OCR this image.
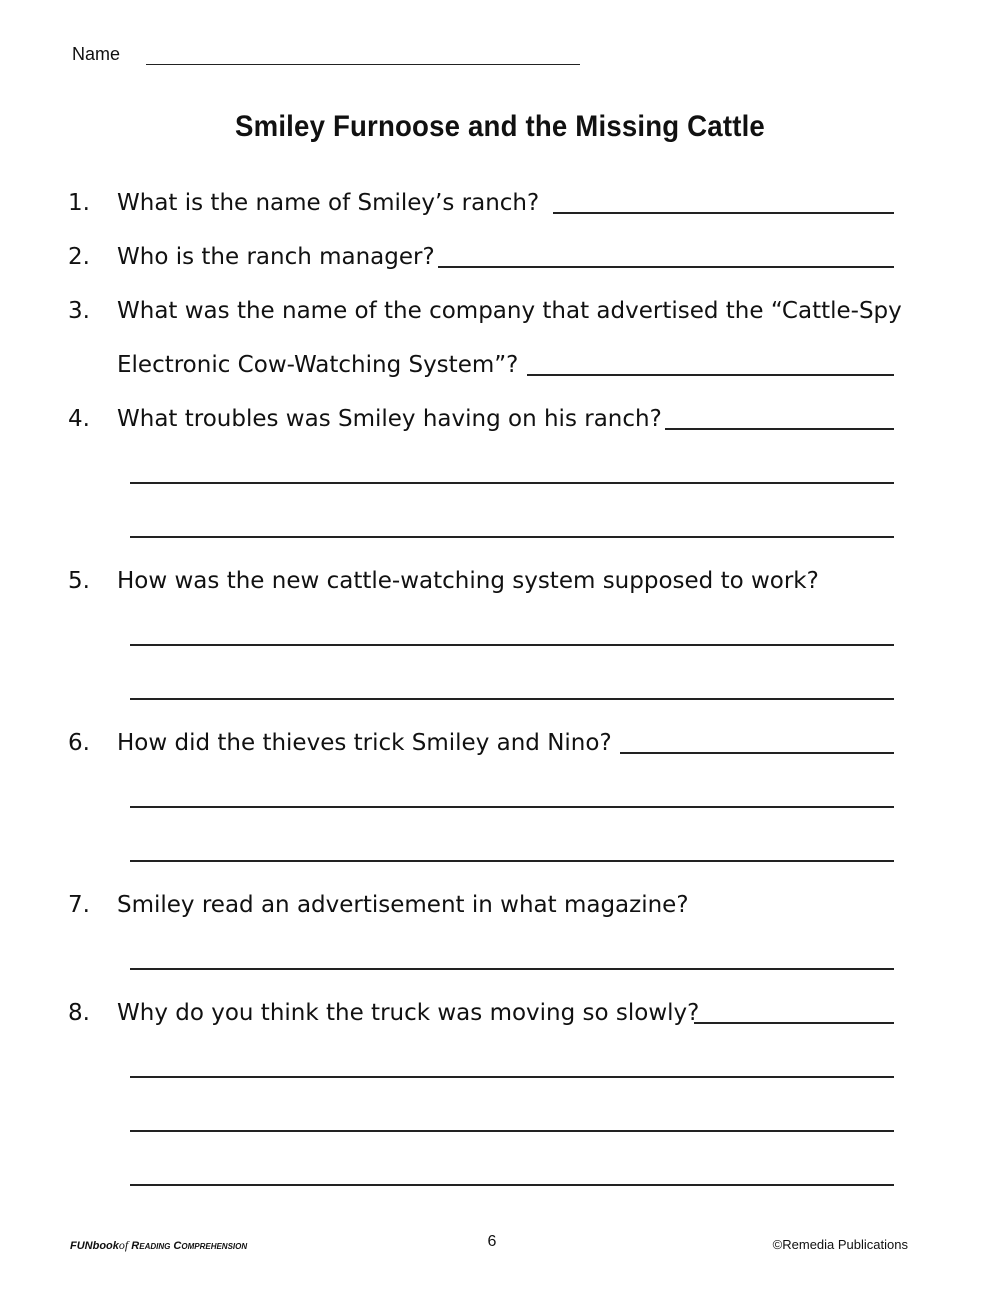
Name
Smiley Furnoose and the Missing Cattle
1. What is the name of Smiley’s ranch?
2. Who is the ranch manager?
3. What was the name of the company that advertised the “Cattle-Spy
Electronic Cow-Watching System”?
4. What troubles was Smiley having on his ranch?
5. How was the new cattle-watching system supposed to work?
6. How did the thieves trick Smiley and Nino?
7. Smiley read an advertisement in what magazine?
8. Why do you think the truck was moving so slowly?
FUNbookof Reading Comprehension	6	©Remedia Publications
